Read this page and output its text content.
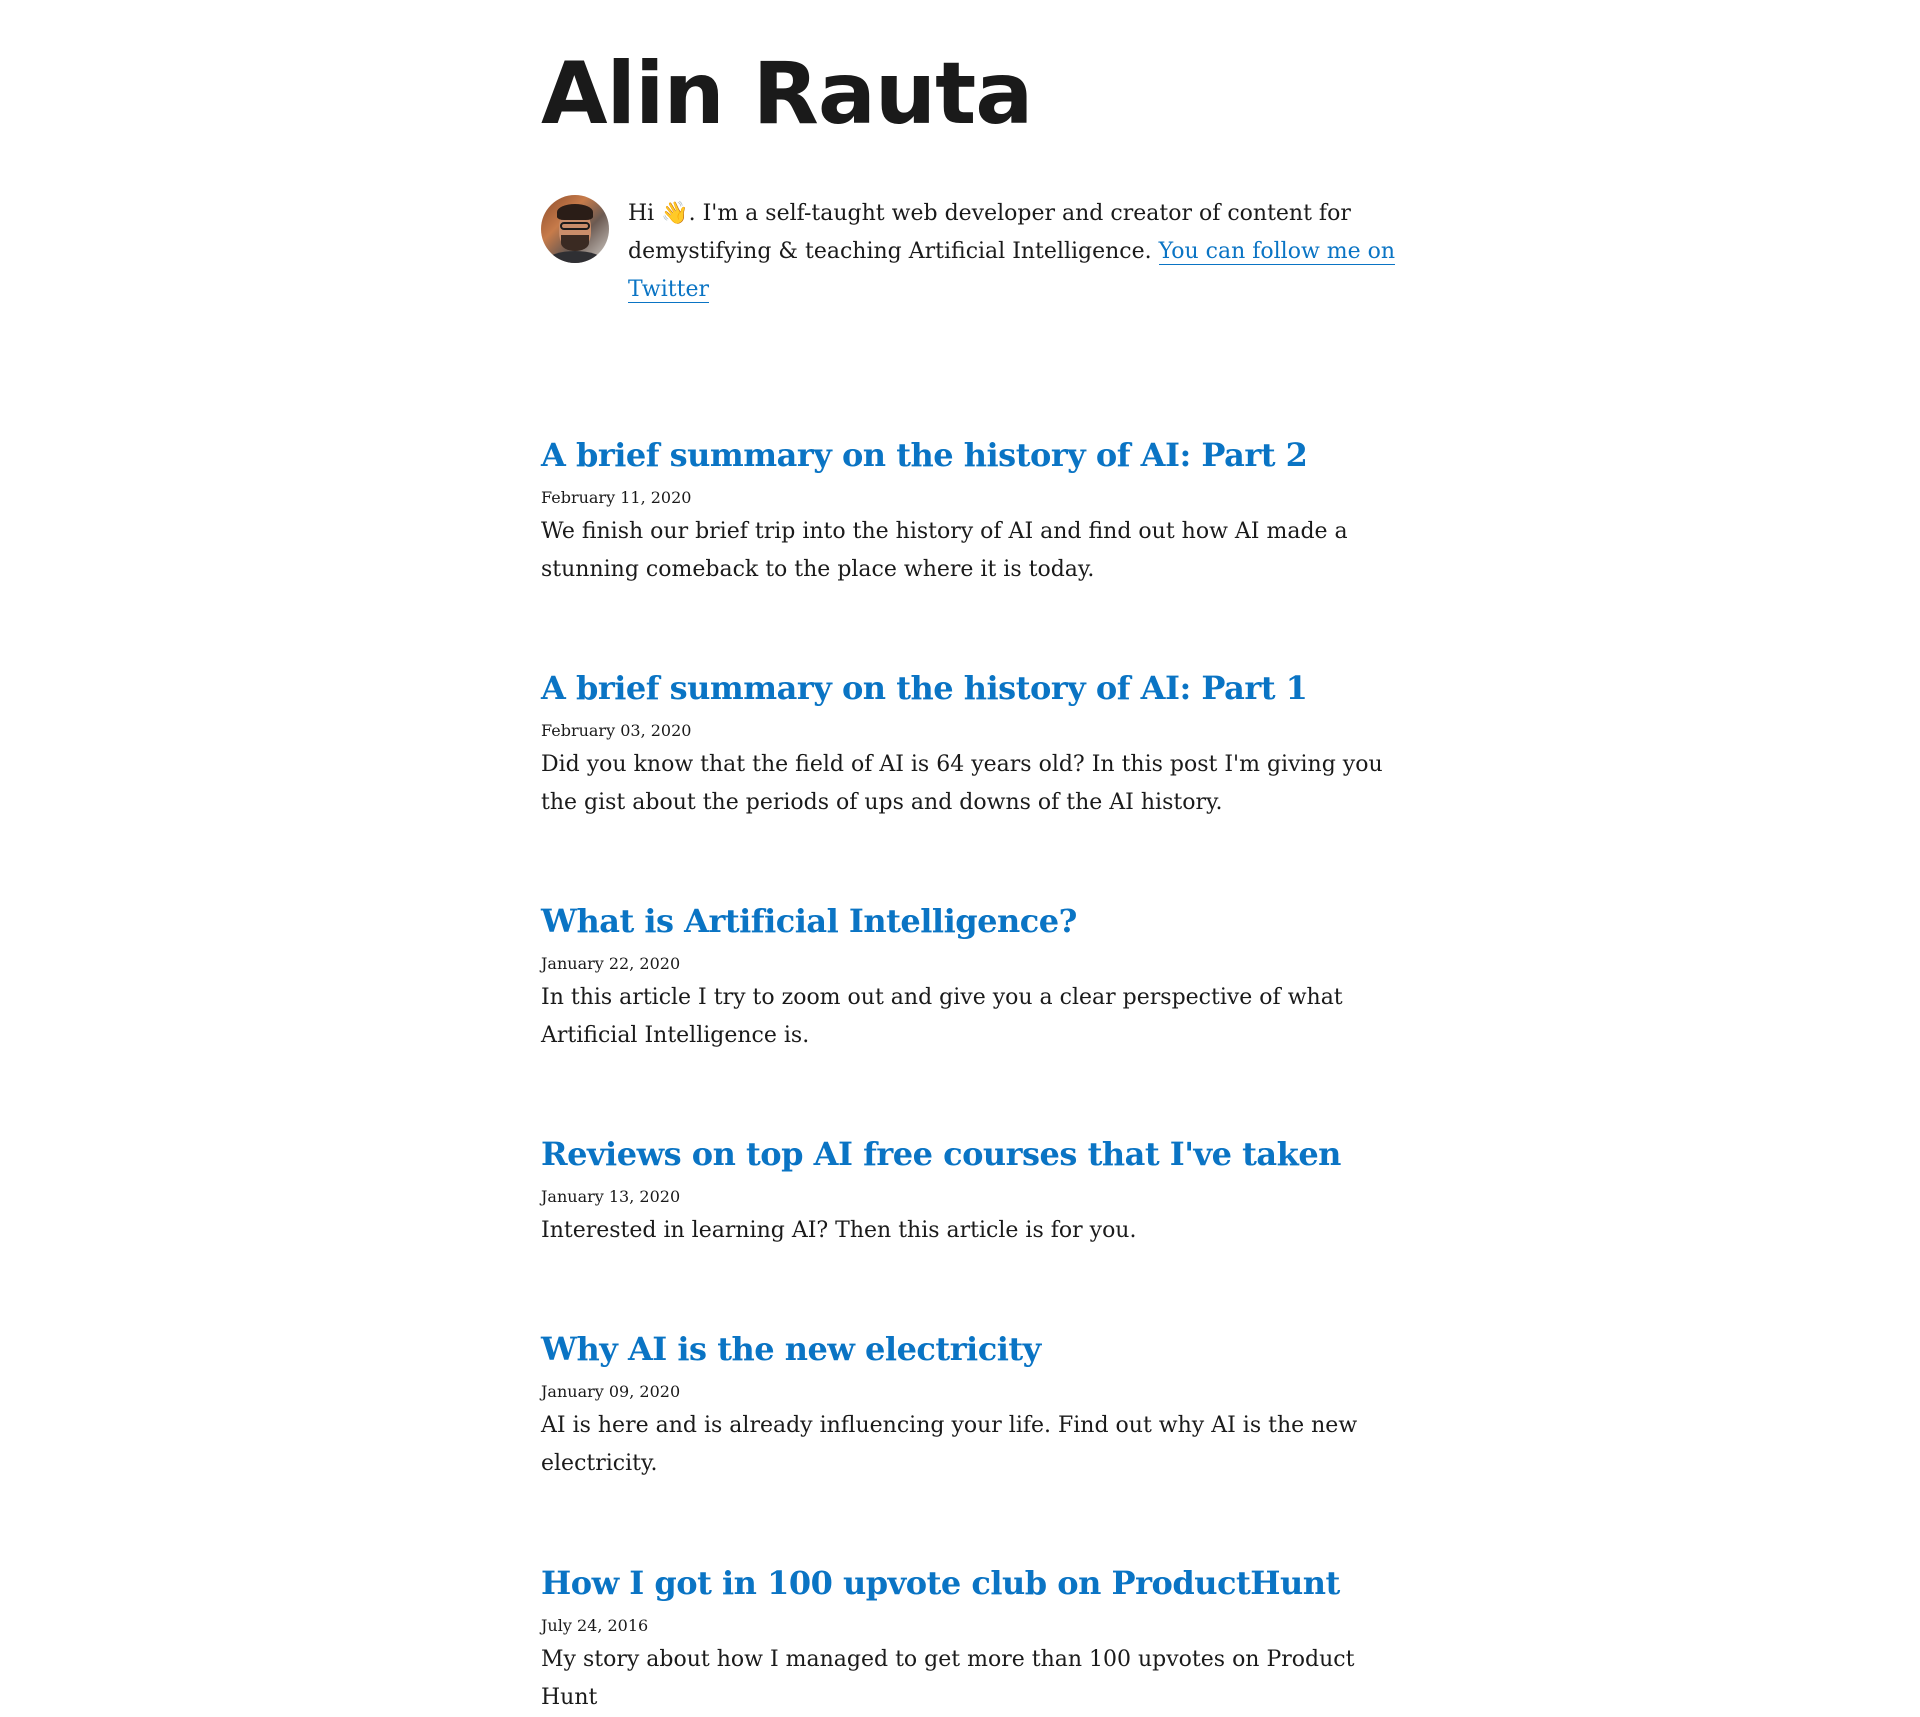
Alin Rauta
Hi 👋. I'm a self-taught web developer and creator of content for demystifying & teaching Artificial Intelligence. You can follow me on Twitter
A brief summary on the history of AI: Part 2
February 11, 2020

We finish our brief trip into the history of AI and find out how AI made a stunning comeback to the place where it is today.

A brief summary on the history of AI: Part 1
February 03, 2020

Did you know that the field of AI is 64 years old? In this post I'm giving you the gist about the periods of ups and downs of the AI history.

What is Artificial Intelligence?
January 22, 2020

In this article I try to zoom out and give you a clear perspective of what Artificial Intelligence is.

Reviews on top AI free courses that I've taken
January 13, 2020

Interested in learning AI? Then this article is for you.

Why AI is the new electricity
January 09, 2020

AI is here and is already influencing your life. Find out why AI is the new electricity.

How I got in 100 upvote club on ProductHunt
July 24, 2016

My story about how I managed to get more than 100 upvotes on Product Hunt
